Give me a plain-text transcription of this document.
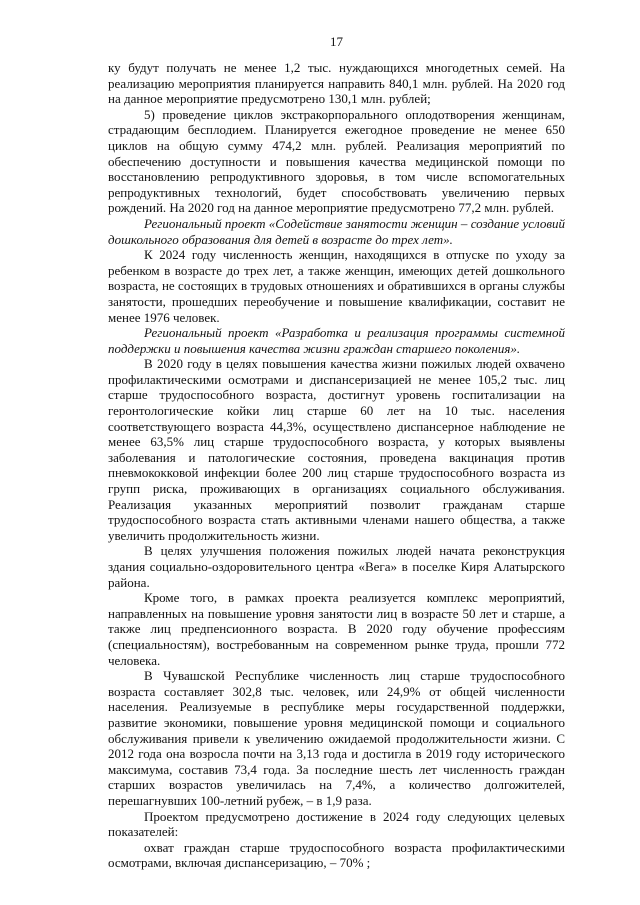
17

ку будут получать не менее 1,2 тыс. нуждающихся многодетных семей. На реализацию мероприятия планируется направить 840,1 млн. рублей. На 2020 год на данное мероприятие предусмотрено 130,1 млн. рублей;

5) проведение циклов экстракорпорального оплодотворения женщинам, страдающим бесплодием. Планируется ежегодное проведение не менее 650 циклов на общую сумму 474,2 млн. рублей. Реализация мероприятий по обеспечению доступности и повышения качества медицинской помощи по восстановлению репродуктивного здоровья, в том числе вспомогательных репродуктивных технологий, будет способствовать увеличению первых рождений. На 2020 год на данное мероприятие предусмотрено 77,2 млн. рублей.

Региональный проект «Содействие занятости женщин – создание условий дошкольного образования для детей в возрасте до трех лет».

К 2024 году численность женщин, находящихся в отпуске по уходу за ребенком в возрасте до трех лет, а также женщин, имеющих детей дошкольного возраста, не состоящих в трудовых отношениях и обратившихся в органы службы занятости, прошедших переобучение и повышение квалификации, составит не менее 1976 человек.

Региональный проект «Разработка и реализация программы системной поддержки и повышения качества жизни граждан старшего поколения».

В 2020 году в целях повышения качества жизни пожилых людей охвачено профилактическими осмотрами и диспансеризацией не менее 105,2 тыс. лиц старше трудоспособного возраста, достигнут уровень госпитализации на геронтологические койки лиц старше 60 лет на 10 тыс. населения соответствующего возраста 44,3%, осуществлено диспансерное наблюдение не менее 63,5% лиц старше трудоспособного возраста, у которых выявлены заболевания и патологические состояния, проведена вакцинация против пневмококковой инфекции более 200 лиц старше трудоспособного возраста из групп риска, проживающих в организациях социального обслуживания. Реализация указанных мероприятий позволит гражданам старше трудоспособного возраста стать активными членами нашего общества, а также увеличить продолжительность жизни.

В целях улучшения положения пожилых людей начата реконструкция здания социально-оздоровительного центра «Вега» в поселке Киря Алатырского района.

Кроме того, в рамках проекта реализуется комплекс мероприятий, направленных на повышение уровня занятости лиц в возрасте 50 лет и старше, а также лиц предпенсионного возраста. В 2020 году обучение профессиям (специальностям), востребованным на современном рынке труда, прошли 772 человека.

В Чувашской Республике численность лиц старше трудоспособного возраста составляет 302,8 тыс. человек, или 24,9% от общей численности населения. Реализуемые в республике меры государственной поддержки, развитие экономики, повышение уровня медицинской помощи и социального обслуживания привели к увеличению ожидаемой продолжительности жизни. С 2012 года она возросла почти на 3,13 года и достигла в 2019 году исторического максимума, составив 73,4 года. За последние шесть лет численность граждан старших возрастов увеличилась на 7,4%, а количество долгожителей, перешагнувших 100-летний рубеж, – в 1,9 раза.

Проектом предусмотрено достижение в 2024 году следующих целевых показателей:

охват граждан старше трудоспособного возраста профилактическими осмотрами, включая диспансеризацию, – 70% ;
